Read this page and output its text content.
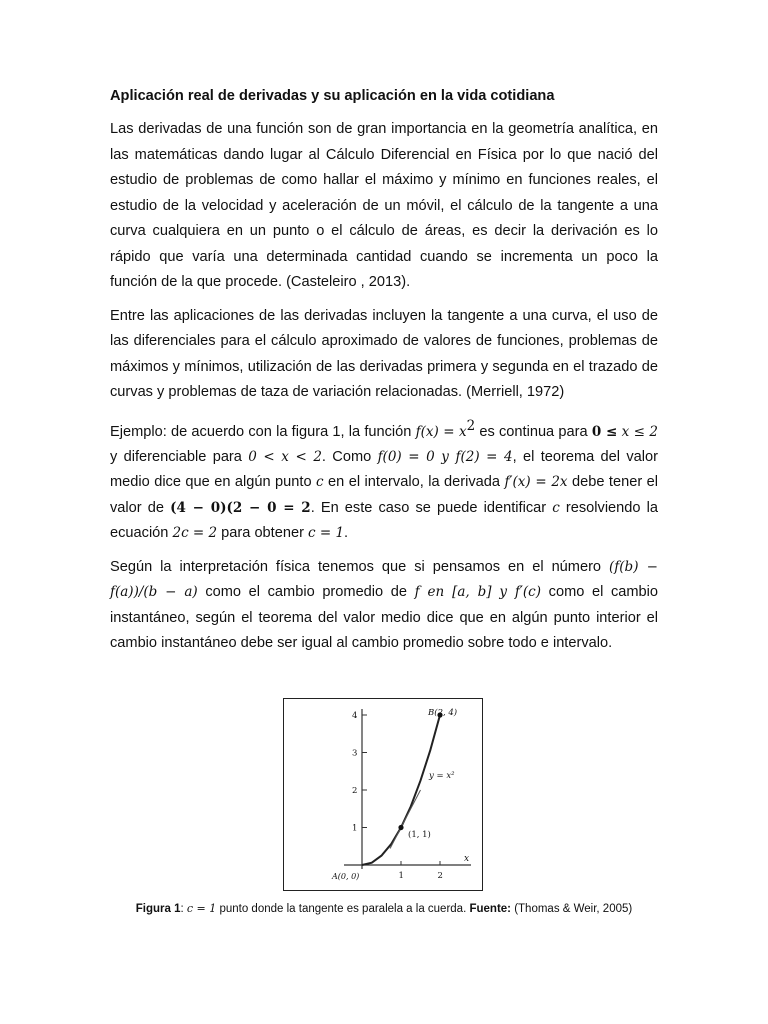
Aplicación real de derivadas y su aplicación en la vida cotidiana

Las derivadas de una función son de gran importancia en la geometría analítica, en las matemáticas dando lugar al Cálculo Diferencial en Física por lo que nació del estudio de problemas de como hallar el máximo y mínimo en funciones reales, el estudio de la velocidad y aceleración de un móvil, el cálculo de la tangente a una curva cualquiera en un punto o el cálculo de áreas, es decir la derivación es lo rápido que varía una determinada cantidad cuando se incrementa un poco la función de la que procede. (Casteleiro , 2013).

Entre las aplicaciones de las derivadas incluyen la tangente a una curva, el uso de las diferenciales para el cálculo aproximado de valores de funciones, problemas de máximos y mínimos, utilización de las derivadas primera y segunda en el trazado de curvas y problemas de taza de variación relacionadas. (Merriell, 1972)

Ejemplo: de acuerdo con la figura 1, la función $f(x) = x^2$ es continua para 0 ≤ x ≤ 2 y diferenciable para 0 < x < 2. Como f(0) = 0 y f(2) = 4, el teorema del valor medio dice que en algún punto c en el intervalo, la derivada f′(x) = 2x debe tener el valor de (4 − 0)(2 − 0 = 2. En este caso se puede identificar c resolviendo la ecuación 2c = 2 para obtener c = 1.

Según la interpretación física tenemos que si pensamos en el número (f(b) − f(a))/(b − a) como el cambio promedio de f en [a, b] y f′(c) como el cambio instantáneo, según el teorema del valor medio dice que en algún punto interior el cambio instantáneo debe ser igual al cambio promedio sobre todo e intervalo.

4
3
2
1
1	2
B(2, 4)
y = x²
(1, 1)
A(0, 0)
x
Figura 1: c = 1 punto donde la tangente es paralela a la cuerda. Fuente: (Thomas & Weir, 2005)
